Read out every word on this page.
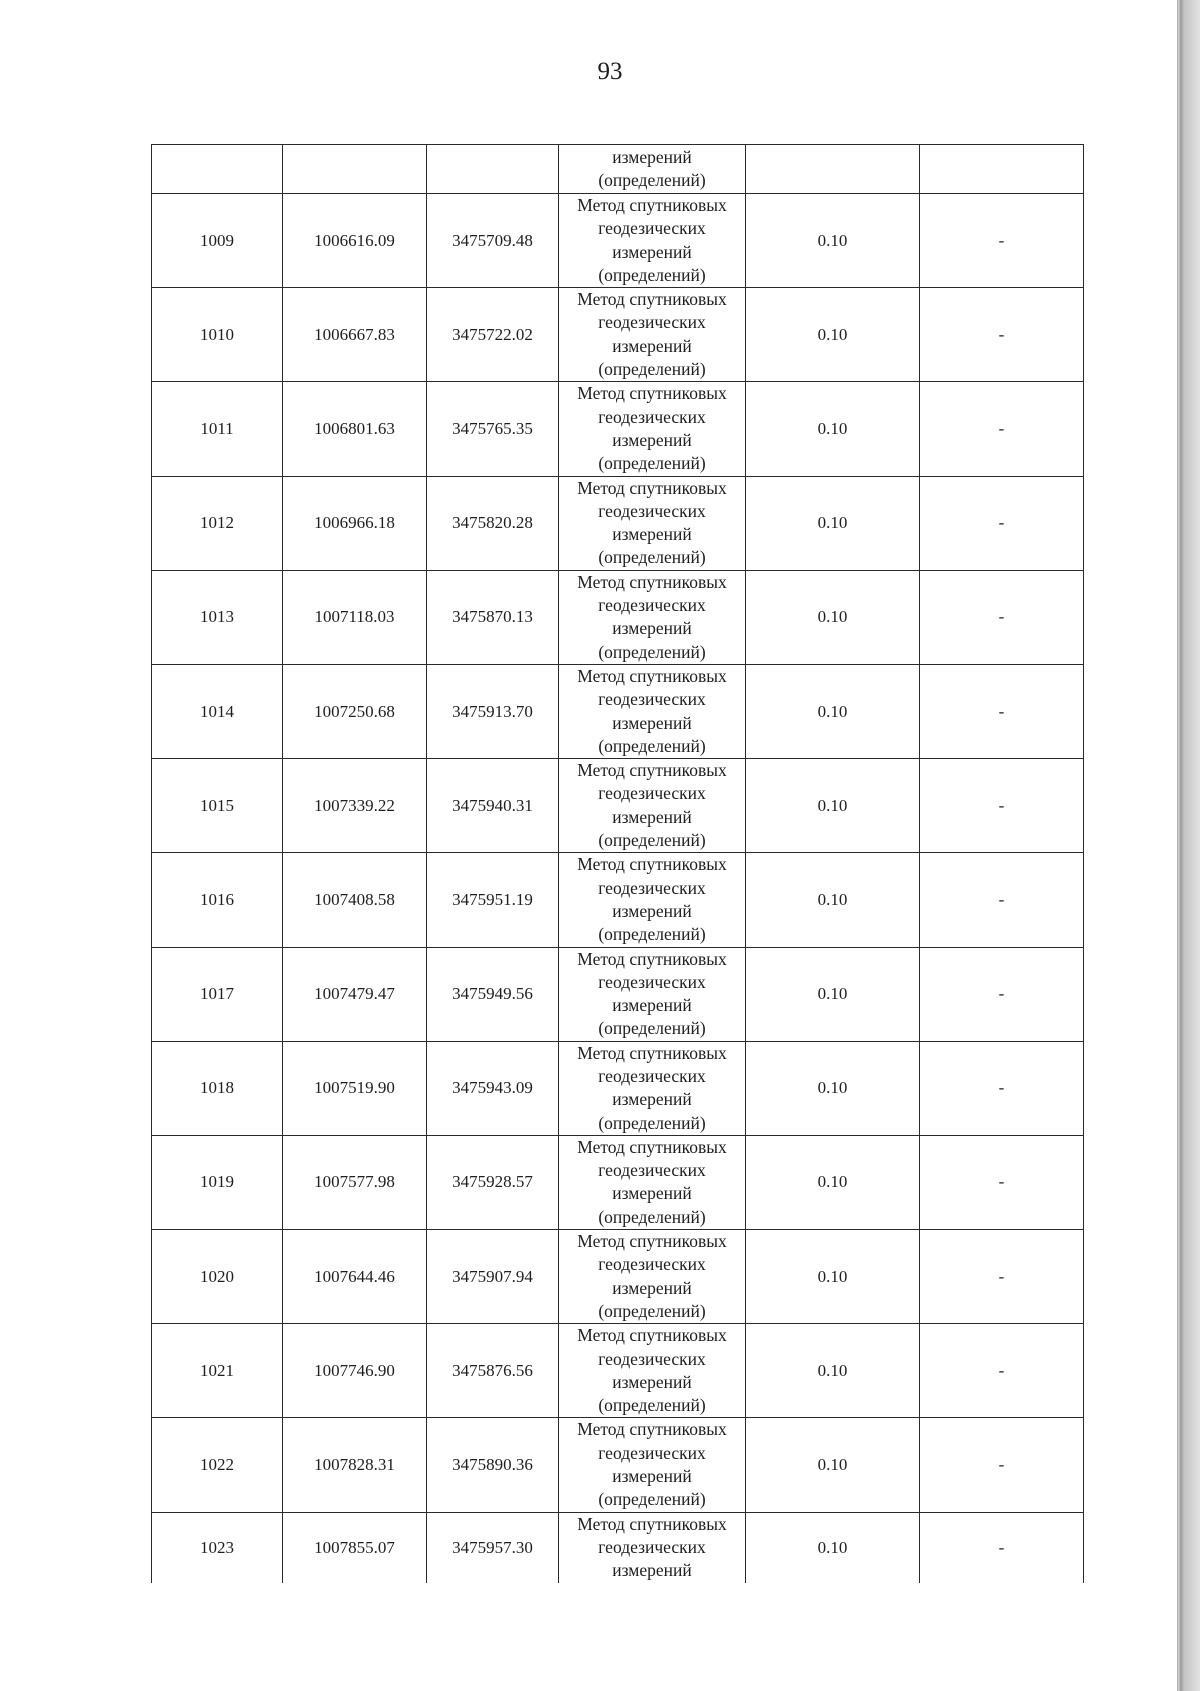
93

			измерений
(определений)		

1009	1006616.09	3475709.48	Метод спутниковых
геодезических
измерений
(определений)	0.10	-
1010	1006667.83	3475722.02	Метод спутниковых
геодезических
измерений
(определений)	0.10	-
1011	1006801.63	3475765.35	Метод спутниковых
геодезических
измерений
(определений)	0.10	-
1012	1006966.18	3475820.28	Метод спутниковых
геодезических
измерений
(определений)	0.10	-
1013	1007118.03	3475870.13	Метод спутниковых
геодезических
измерений
(определений)	0.10	-
1014	1007250.68	3475913.70	Метод спутниковых
геодезических
измерений
(определений)	0.10	-
1015	1007339.22	3475940.31	Метод спутниковых
геодезических
измерений
(определений)	0.10	-
1016	1007408.58	3475951.19	Метод спутниковых
геодезических
измерений
(определений)	0.10	-
1017	1007479.47	3475949.56	Метод спутниковых
геодезических
измерений
(определений)	0.10	-
1018	1007519.90	3475943.09	Метод спутниковых
геодезических
измерений
(определений)	0.10	-
1019	1007577.98	3475928.57	Метод спутниковых
геодезических
измерений
(определений)	0.10	-
1020	1007644.46	3475907.94	Метод спутниковых
геодезических
измерений
(определений)	0.10	-
1021	1007746.90	3475876.56	Метод спутниковых
геодезических
измерений
(определений)	0.10	-
1022	1007828.31	3475890.36	Метод спутниковых
геодезических
измерений
(определений)	0.10	-
1023	1007855.07	3475957.30	Метод спутниковых
геодезических
измерений	0.10	-
